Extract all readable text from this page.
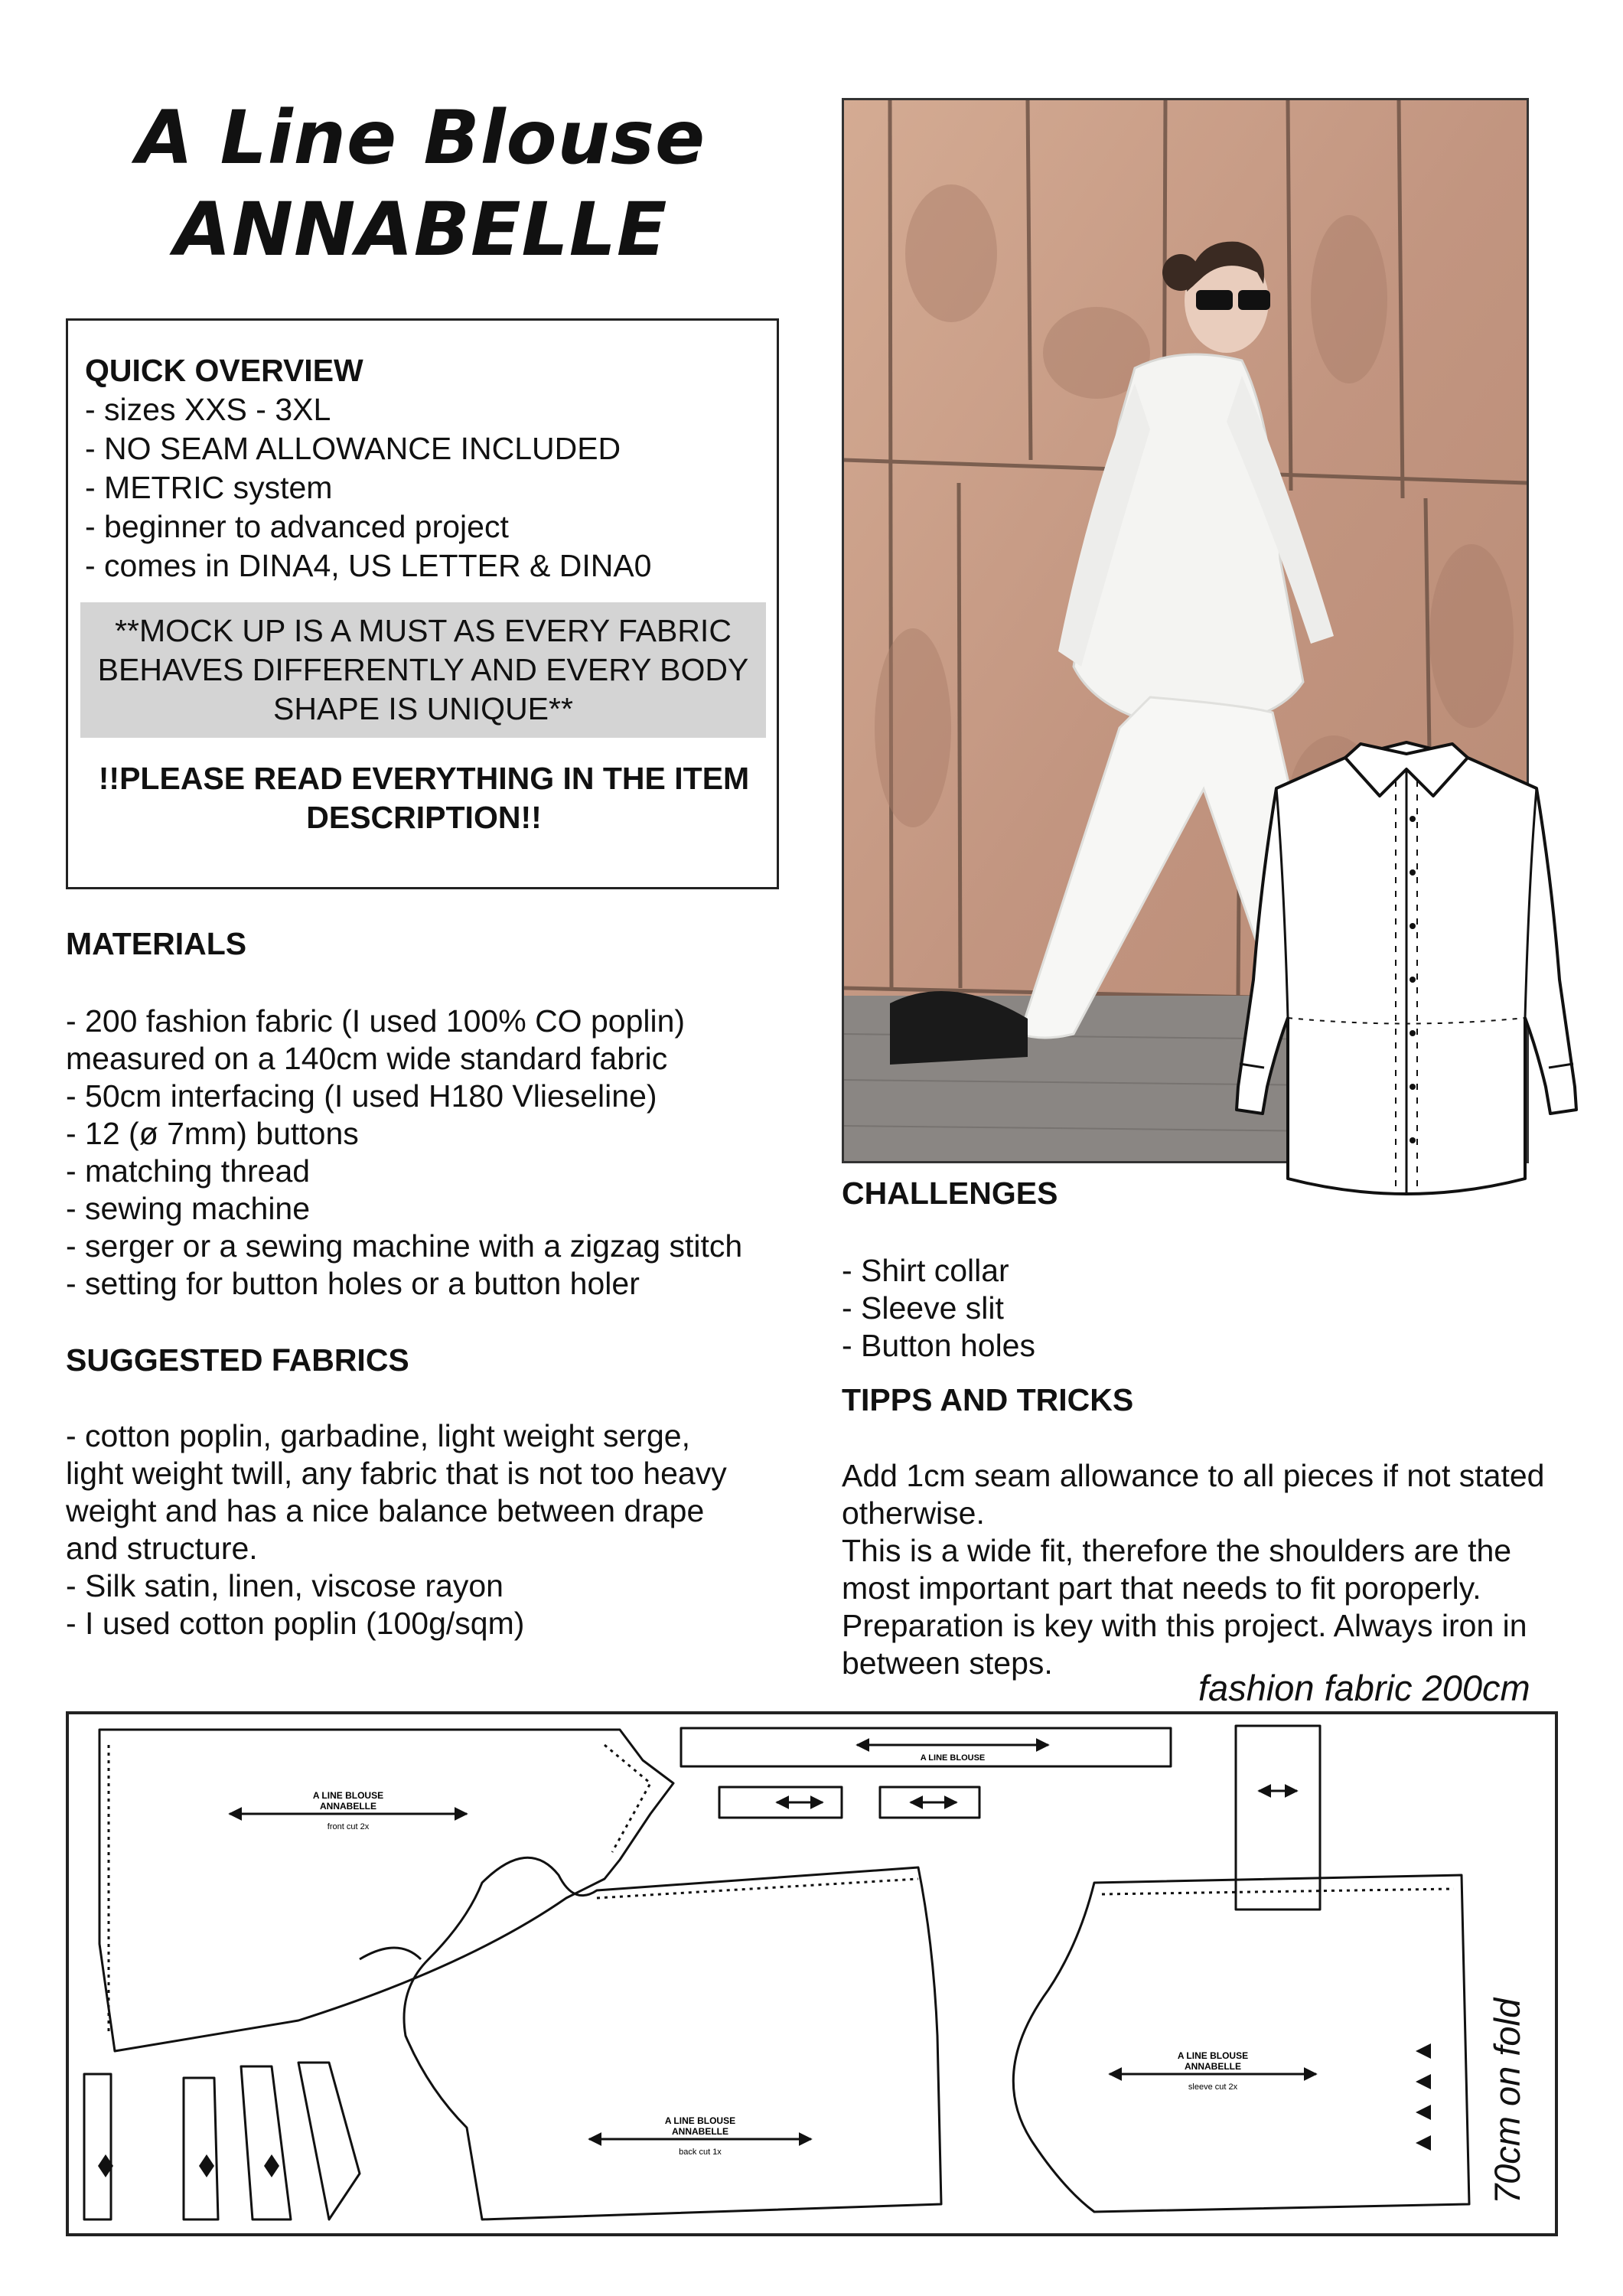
A Line Blouse
ANNABELLE
QUICK OVERVIEW
- sizes XXS - 3XL
- NO SEAM ALLOWANCE INCLUDED
- METRIC system
- beginner to advanced project
- comes in DINA4, US LETTER & DINA0
**MOCK UP IS A MUST AS EVERY FABRIC
BEHAVES DIFFERENTLY AND EVERY BODY
SHAPE IS UNIQUE**
!!PLEASE READ EVERYTHING IN THE ITEM
DESCRIPTION!!
MATERIALS
- 200 fashion fabric (I used 100% CO poplin)
measured on a 140cm wide standard fabric
- 50cm interfacing (I used H180 Vlieseline)
- 12 (ø 7mm) buttons
- matching thread
- sewing machine
- serger or a sewing machine with a zigzag stitch
- setting for button holes or a button holer
SUGGESTED FABRICS
- cotton poplin, garbadine, light weight serge,
light weight twill, any fabric that is not too heavy
weight and has a nice balance between drape
and structure.
- Silk satin, linen, viscose rayon
- I used cotton poplin (100g/sqm)
CHALLENGES
- Shirt collar
- Sleeve slit
- Button holes
TIPPS AND TRICKS
Add 1cm seam allowance to all pieces if not stated
otherwise.
This is a wide fit, therefore the shoulders are the
most important part that needs to fit poroperly.
Preparation is key with this project. Always iron in
between steps.
fashion fabric 200cm
A LINE BLOUSE
ANNABELLE
front cut 2x
A LINE BLOUSE
ANNABELLE
back cut 1x
A LINE BLOUSE
ANNABELLE
sleeve cut 2x
A LINE BLOUSE
70cm on fold
